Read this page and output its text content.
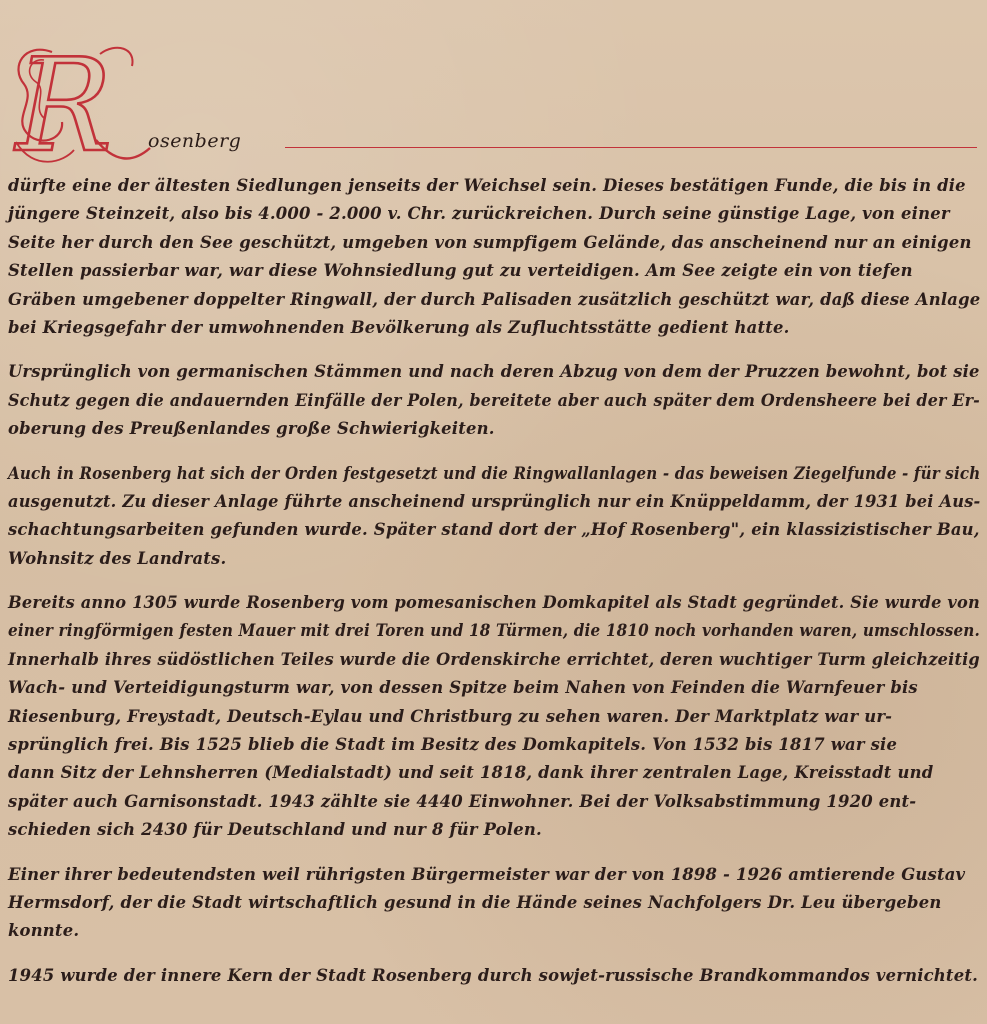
R osenberg
dürfte eine der ältesten Siedlungen jenseits der Weichsel sein. Dieses bestätigen Funde, die bis in die
jüngere Steinzeit, also bis 4.000 - 2.000 v. Chr. zurückreichen. Durch seine günstige Lage, von einer
Seite her durch den See geschützt, umgeben von sumpfigem Gelände, das anscheinend nur an einigen
Stellen passierbar war, war diese Wohnsiedlung gut zu verteidigen. Am See zeigte ein von tiefen
Gräben umgebener doppelter Ringwall, der durch Palisaden zusätzlich geschützt war, daß diese Anlage
bei Kriegsgefahr der umwohnenden Bevölkerung als Zufluchtsstätte gedient hatte.
Ursprünglich von germanischen Stämmen und nach deren Abzug von dem der Pruzzen bewohnt, bot sie
Schutz gegen die andauernden Einfälle der Polen, bereitete aber auch später dem Ordensheere bei der Er-
oberung des Preußenlandes große Schwierigkeiten.
Auch in Rosenberg hat sich der Orden festgesetzt und die Ringwallanlagen - das beweisen Ziegelfunde - für sich
ausgenutzt. Zu dieser Anlage führte anscheinend ursprünglich nur ein Knüppeldamm, der 1931 bei Aus-
schachtungsarbeiten gefunden wurde. Später stand dort der „Hof Rosenberg", ein klassizistischer Bau,
Wohnsitz des Landrats.
Bereits anno 1305 wurde Rosenberg vom pomesanischen Domkapitel als Stadt gegründet. Sie wurde von
einer ringförmigen festen Mauer mit drei Toren und 18 Türmen, die 1810 noch vorhanden waren, umschlossen.
Innerhalb ihres südöstlichen Teiles wurde die Ordenskirche errichtet, deren wuchtiger Turm gleichzeitig
Wach- und Verteidigungsturm war, von dessen Spitze beim Nahen von Feinden die Warnfeuer bis
Riesenburg, Freystadt, Deutsch-Eylau und Christburg zu sehen waren. Der Marktplatz war ur-
sprünglich frei. Bis 1525 blieb die Stadt im Besitz des Domkapitels. Von 1532 bis 1817 war sie
dann Sitz der Lehnsherren (Medialstadt) und seit 1818, dank ihrer zentralen Lage, Kreisstadt und
später auch Garnisonstadt. 1943 zählte sie 4440 Einwohner. Bei der Volksabstimmung 1920 ent-
schieden sich 2430 für Deutschland und nur 8 für Polen.
Einer ihrer bedeutendsten weil rührigsten Bürgermeister war der von 1898 - 1926 amtierende Gustav
Hermsdorf, der die Stadt wirtschaftlich gesund in die Hände seines Nachfolgers Dr. Leu übergeben
konnte.
1945 wurde der innere Kern der Stadt Rosenberg durch sowjet-russische Brandkommandos vernichtet.
